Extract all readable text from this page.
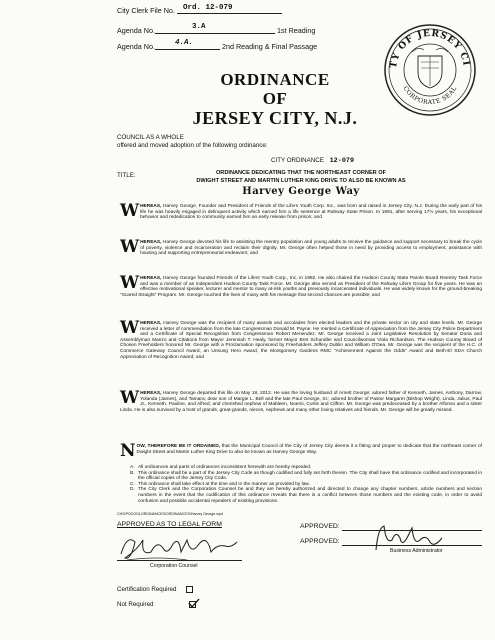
City Clerk File No. Ord. 12-079
Agenda No.	3.A	1st Reading
Agenda No.	4.A.	2nd Reading & Final Passage
TY OF JERSEY CI
CORPORATE SEAL
ORDINANCE
OF
JERSEY CITY, N.J.
COUNCIL AS A WHOLE
offered and moved adoption of the following ordinance:
CITY ORDINANCE 12-079
TITLE:	ORDINANCE DEDICATING THAT THE NORTHEAST CORNER OF
DWIGHT STREET AND MARTIN LUTHER KING DRIVE TO ALSO BE KNOWN AS
Harvey George Way
WHEREAS, Harvey George, Founder and President of Friends of the Lifers Youth Corp. Inc., was born and raised in Jersey City, N.J. During the early part of his life he was heavily engaged in delinquent activity which earned him a life sentence at Rahway State Prison. In 1991, after serving 17½ years, his exceptional behavior and rededication to community earned him an early release from prison; and
WHEREAS, Harvey George devoted his life to assisting the reentry population and young adults to receive the guidance and support necessary to break the cycle of poverty, violence and incarceration and reclaim their dignity. Mr. George often helped those in need by providing access to employment, assistance with housing and supporting entrepreneurial endeavors; and
WHEREAS, Harvey George founded Friends of the Lifers Youth Corp., Inc. in 1992. He also chaired the Hudson County State Parole Board Reentry Task Force and was a member of an independent Hudson County Task Force. Mr. George also served as President of the Rahway Lifers Group for five years. He was an effective motivational speaker, lecturer and mentor to many at-risk youths and previously incarcerated individuals. He was widely known for the ground-breaking "Scared Straight" Program. Mr. George touched the lives of many with his message that second chances are possible; and
WHEREAS, Harvey George was the recipient of many awards and accolades from elected leaders and the private sector on city and state levels. Mr. George received a letter of commendation from the late Congressman Donald M. Payne. He merited a Certificate of Appreciation from the Jersey City Police Department and a Certificate of Special Recognition from Congressman Robert Menendez. Mr. George received a Joint Legislative Resolution by Senator Doria and Assemblyman Manzo and Citations from Mayor Jeremiah T. Healy, former Mayor Bret Schundler and Councilwoman Viola Richardson. The Hudson County Board of Chosen Freeholders honored Mr. George with a Proclamation sponsored by Freeholders Jeffery Dublin and William O'Dea. Mr. George was the recipient of the H.C. of Commerce Gateway Council Award, an Unsung Hero Award, the Montgomery Gardens RMC "Achievement Against the Odds" Award and Beth-El SDA Church Appreciation of Recognition Award; and
WHEREAS, Harvey George departed this life on May 18, 2012. He was the loving husband of Arnett George; adored father of Kenneth, James, Anthony, Darrow, Yolanda (James), and Tamara; dear son of Margie L. Bell and the late Paul George, Sr.; adored brother of Pastor Margaret (Bishop Wright), Linda, Julius, Paul Jr., Kenneth, Pauline, and Alfred; and cherished nephew of Mableen, Noemi, Curtis and Clifton. Mr. George was predeceased by a brother Alfonso and a sister Linda. He is also survived by a host of grands, great-grands, nieces, nephews and many other loving relatives and friends. Mr. George will be greatly missed.
NOW, THEREFORE BE IT ORDAINED, that the Municipal Council of the City of Jersey City deems it a fitting and proper to dedicate that the northeast corner of Dwight Street and Martin Luther King Drive to also be known as Harvey George Way.
A. All ordinances and parts of ordinances inconsistent herewith are hereby repealed.
B. This ordinance shall be a part of the Jersey City Code as though codified and fully set forth therein. The City shall have this ordinance codified and incorporated in the official copies of the Jersey City Code.
C. This ordinance shall take effect at the time and in the manner as provided by law.
D. The City Clerk and the Corporation Counsel be and they are hereby authorized and directed to change any chapter numbers, article numbers and section numbers in the event that the codification of this ordinance reveals that there is a conflict between those numbers and the existing code, in order to avoid confusion and possible accidental repealers of existing provisions.
CHS/POCOOLORDINANCES/ORDINANCES/Harvey George.wpd
APPROVED AS TO LEGAL FORM
Corporation Counsel
APPROVED:
APPROVED:
Business Administrator
Certification Required
Not Required
